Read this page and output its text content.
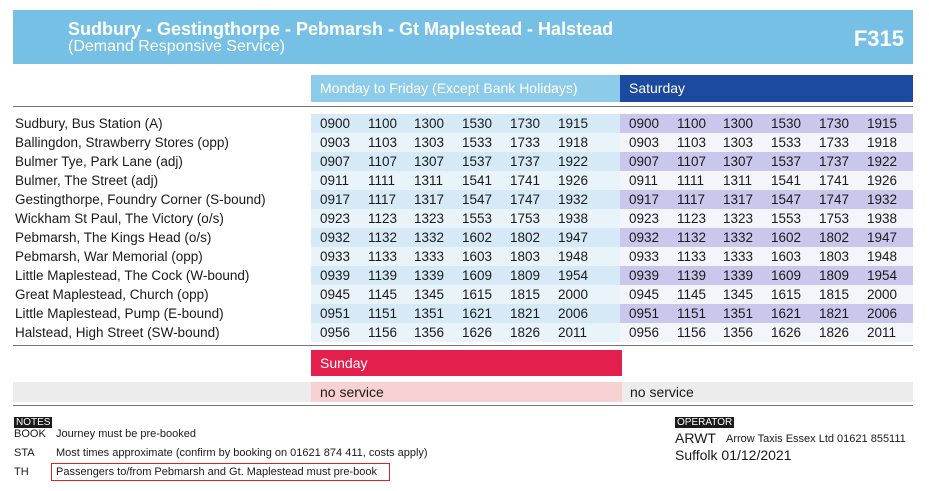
Sudbury - Gestingthorpe - Pebmarsh - Gt Maplestead - Halstead
(Demand Responsive Service)	F315
Monday to Friday (Except Bank Holidays)	Saturday
Sudbury, Bus Station (A)	0900 1100 1300 1530 1730 1915	0900 1100 1300 1530 1730 1915
Ballingdon, Strawberry Stores (opp)	0903 1103 1303 1533 1733 1918	0903 1103 1303 1533 1733 1918
Bulmer Tye, Park Lane (adj)	0907 1107 1307 1537 1737 1922	0907 1107 1307 1537 1737 1922
Bulmer, The Street (adj)	0911 1111 1311 1541 1741 1926	0911 1111 1311 1541 1741 1926
Gestingthorpe, Foundry Corner (S-bound)	0917 1117 1317 1547 1747 1932	0917 1117 1317 1547 1747 1932
Wickham St Paul, The Victory (o/s)	0923 1123 1323 1553 1753 1938	0923 1123 1323 1553 1753 1938
Pebmarsh, The Kings Head (o/s)	0932 1132 1332 1602 1802 1947	0932 1132 1332 1602 1802 1947
Pebmarsh, War Memorial (opp)	0933 1133 1333 1603 1803 1948	0933 1133 1333 1603 1803 1948
Little Maplestead, The Cock (W-bound)	0939 1139 1339 1609 1809 1954	0939 1139 1339 1609 1809 1954
Great Maplestead, Church (opp)	0945 1145 1345 1615 1815 2000	0945 1145 1345 1615 1815 2000
Little Maplestead, Pump (E-bound)	0951 1151 1351 1621 1821 2006	0951 1151 1351 1621 1821 2006
Halstead, High Street (SW-bound)	0956 1156 1356 1626 1826 2011	0956 1156 1356 1626 1826 2011
Sunday
no service	no service
NOTES
BOOK Journey must be pre-booked
STA Most times approximate (confirm by booking on 01621 874 411, costs apply)
TH Passengers to/from Pebmarsh and Gt. Maplestead must pre-book
OPERATOR
ARWT Arrow Taxis Essex Ltd 01621 855111
Suffolk 01/12/2021
